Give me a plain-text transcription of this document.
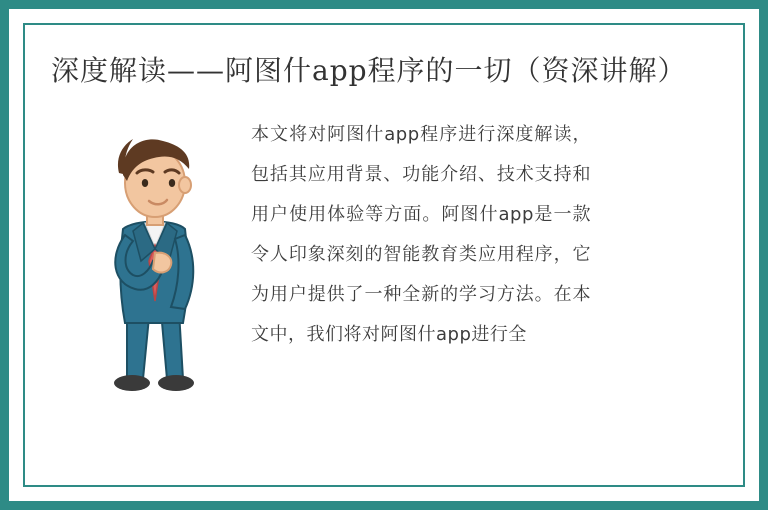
深度解读——阿图什app程序的一切（资深讲解）

本文将对阿图什app程序进行深度解读，包括其应用背景、功能介绍、技术支持和用户使用体验等方面。阿图什app是一款令人印象深刻的智能教育类应用程序，它为用户提供了一种全新的学习方法。在本文中，我们将对阿图什app进行全
